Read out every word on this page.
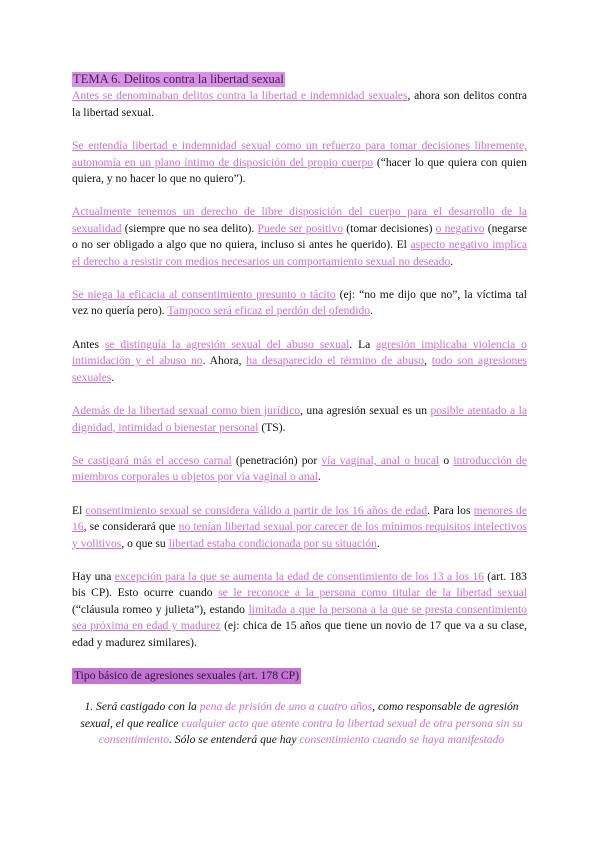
TEMA 6. Delitos contra la libertad sexual

Antes se denominaban delitos contra la libertad e indemnidad sexuales, ahora son delitos contra la libertad sexual.

Se entendía libertad e indemnidad sexual como un refuerzo para tomar decisiones libremente, autonomía en un plano íntimo de disposición del propio cuerpo (“hacer lo que quiera con quien quiera, y no hacer lo que no quiero”).

Actualmente tenemos un derecho de libre disposición del cuerpo para el desarrollo de la sexualidad (siempre que no sea delito). Puede ser positivo (tomar decisiones) o negativo (negarse o no ser obligado a algo que no quiera, incluso si antes he querido). El aspecto negativo implica el derecho a resistir con medios necesarios un comportamiento sexual no deseado.

Se niega la eficacia al consentimiento presunto o tácito (ej: “no me dijo que no”, la víctima tal vez no quería pero). Tampoco será eficaz el perdón del ofendido.

Antes se distinguía la agresión sexual del abuso sexual. La agresión implicaba violencia o intimidación y el abuso no. Ahora, ha desaparecido el término de abuso, todo son agresiones sexuales.

Además de la libertad sexual como bien jurídico, una agresión sexual es un posible atentado a la dignidad, intimidad o bienestar personal (TS).

Se castigará más el acceso carnal (penetración) por vía vaginal, anal o bucal o introducción de miembros corporales u objetos por vía vaginal o anal.

El consentimiento sexual se considera válido a partir de los 16 años de edad. Para los menores de 16, se considerará que no tenían libertad sexual por carecer de los mínimos requisitos intelectivos y volitivos, o que su libertad estaba condicionada por su situación.

Hay una excepción para la que se aumenta la edad de consentimiento de los 13 a los 16 (art. 183 bis CP). Esto ocurre cuando se le reconoce a la persona como titular de la libertad sexual (“cláusula romeo y julieta”), estando limitada a que la persona a la que se presta consentimiento sea próxima en edad y madurez (ej: chica de 15 años que tiene un novio de 17 que va a su clase, edad y madurez similares).

Tipo básico de agresiones sexuales (art. 178 CP)

1. Será castigado con la pena de prisión de uno a cuatro años, como responsable de agresión sexual, el que realice cualquier acto que atente contra la libertad sexual de otra persona sin su consentimiento. Sólo se entenderá que hay consentimiento cuando se haya manifestado
